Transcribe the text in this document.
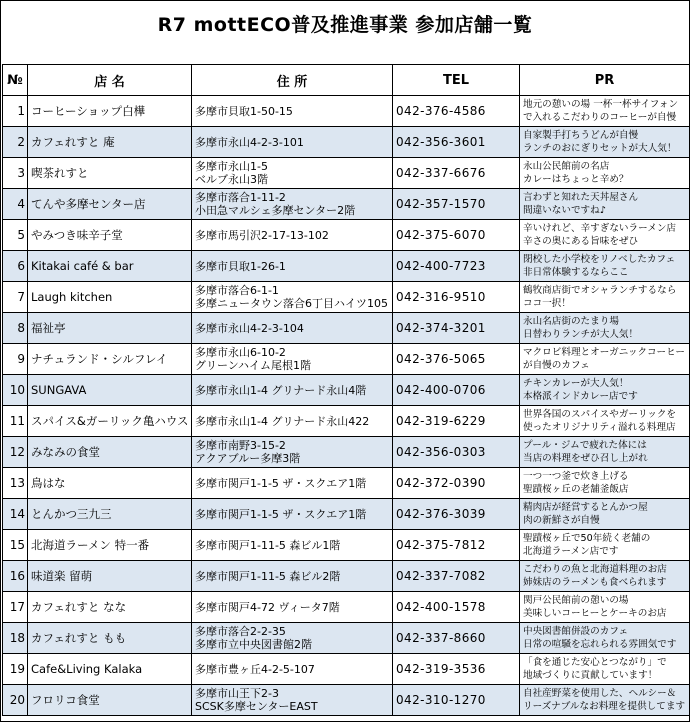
R7 mottECO普及推進事業 参加店舗一覧
№	店 名	住 所	TEL	PR
1	コーヒーショップ白樺	多摩市貝取1-50-15	042-376-4586	地元の憩いの場 一杯一杯サイフォン
で入れるこだわりのコーヒーが自慢

2	カフェれすと 庵	多摩市永山4-2-3-101	042-356-3601	自家製手打ちうどんが自慢
ランチのおにぎりセットが大人気！

3	喫茶れすと	多摩市永山1-5
ベルブ永山3階	042-337-6676	永山公民館前の名店
カレーはちょっと辛め？

4	てんや多摩センター店	多摩市落合1-11-2
小田急マルシェ多摩センター2階	042-357-1570	言わずと知れた天丼屋さん
間違いないですね♪

5	やみつき味辛子堂	多摩市馬引沢2-17-13-102	042-375-6070	辛いけれど、辛すぎないラーメン店
辛さの奥にある旨味をぜひ

6	Kitakai café & bar	多摩市貝取1-26-1	042-400-7723	閉校した小学校をリノベしたカフェ
非日常体験するならここ

7	Laugh kitchen	多摩市落合6-1-1
多摩ニュータウン落合6丁目ハイツ105	042-316-9510	鶴牧商店街でオシャランチするなら
ココ一択！

8	福祉亭	多摩市永山4-2-3-104	042-374-3201	永山名店街のたまり場
日替わりランチが大人気！

9	ナチュランド・シルフレイ	多摩市永山6-10-2
グリーンハイム尾根1階	042-376-5065	マクロビ料理とオーガニックコーヒー
が自慢のカフェ

10	SUNGAVA	多摩市永山1-4 グリナード永山4階	042-400-0706	チキンカレーが大人気！
本格派インドカレー店です

11	スパイス&ガーリック亀ハウス	多摩市永山1-4 グリナード永山422	042-319-6229	世界各国のスパイスやガーリックを
使ったオリジナリティ溢れる料理店

12	みなみの食堂	多摩市南野3-15-2
アクアブルー多摩3階	042-356-0303	プール・ジムで疲れた体には
当店の料理をぜひ召し上がれ

13	鳥はな	多摩市関戸1-1-5 ザ・スクエア1階	042-372-0390	一つ一つ釜で炊き上げる
聖蹟桜ヶ丘の老舗釜飯店

14	とんかつ三九三	多摩市関戸1-1-5 ザ・スクエア1階	042-376-3039	精肉店が経営するとんかつ屋
肉の新鮮さが自慢

15	北海道ラーメン 特一番	多摩市関戸1-11-5 森ビル1階	042-375-7812	聖蹟桜ヶ丘で50年続く老舗の
北海道ラーメン店です

16	味道楽 留萌	多摩市関戸1-11-5 森ビル2階	042-337-7082	こだわりの魚と北海道料理のお店
姉妹店のラーメンも食べられます

17	カフェれすと なな	多摩市関戸4-72 ヴィータ7階	042-400-1578	関戸公民館前の憩いの場
美味しいコーヒーとケーキのお店

18	カフェれすと もも	多摩市落合2-2-35
多摩市立中央図書館2階	042-337-8660	中央図書館併設のカフェ
日常の喧騒を忘れられる雰囲気です

19	Cafe&Living Kalaka	多摩市豊ヶ丘4-2-5-107	042-319-3536	「食を通じた安心とつながり」で
地域づくりに貢献しています！

20	フロリコ食堂	多摩市山王下2-3
SCSK多摩センターEAST	042-310-1270	自社産野菜を使用した、ヘルシー＆
リーズナブルなお料理を提供してます
